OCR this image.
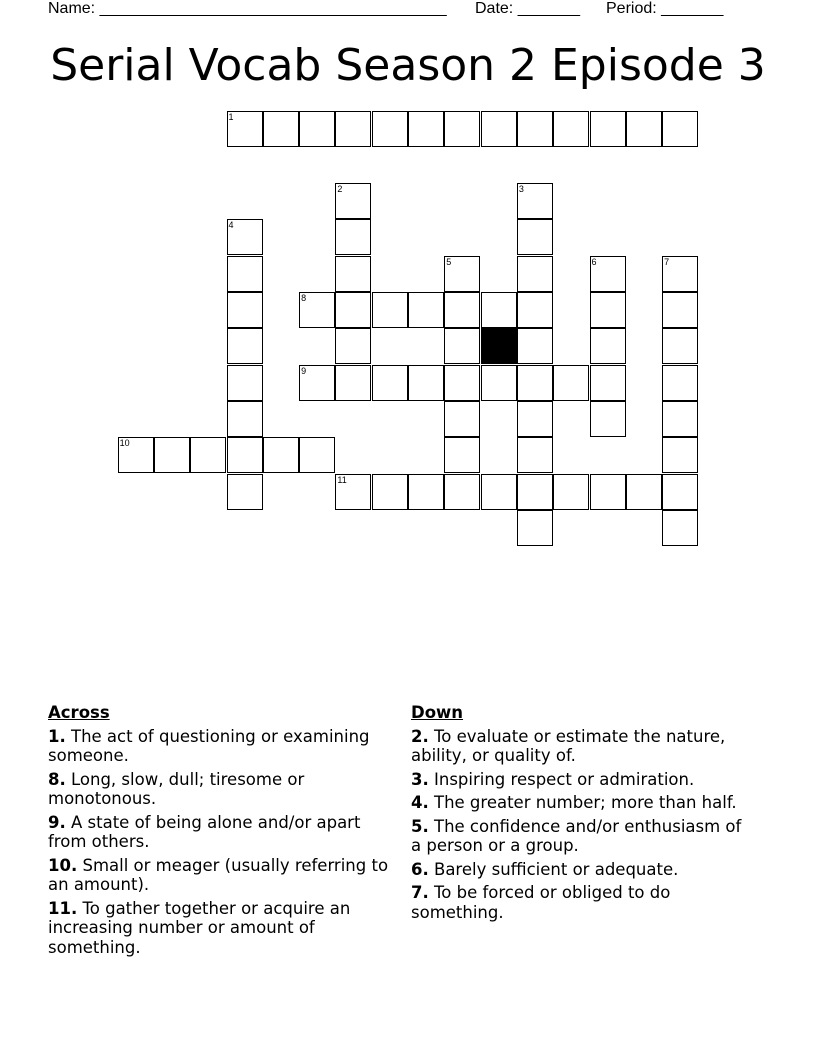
Name: _______________________________________ Date: _______ Period: _______
Serial Vocab Season 2 Episode 3
1
2	3
4
5	6	7
8
9
10
11
Across
1. The act of questioning or examining someone.
8. Long, slow, dull; tiresome or monotonous.
9. A state of being alone and/or apart from others.
10. Small or meager (usually referring to an amount).
11. To gather together or acquire an increasing number or amount of something.
Down
2. To evaluate or estimate the nature, ability, or quality of.
3. Inspiring respect or admiration.
4. The greater number; more than half.
5. The confidence and/or enthusiasm of a person or a group.
6. Barely sufficient or adequate.
7. To be forced or obliged to do something.
